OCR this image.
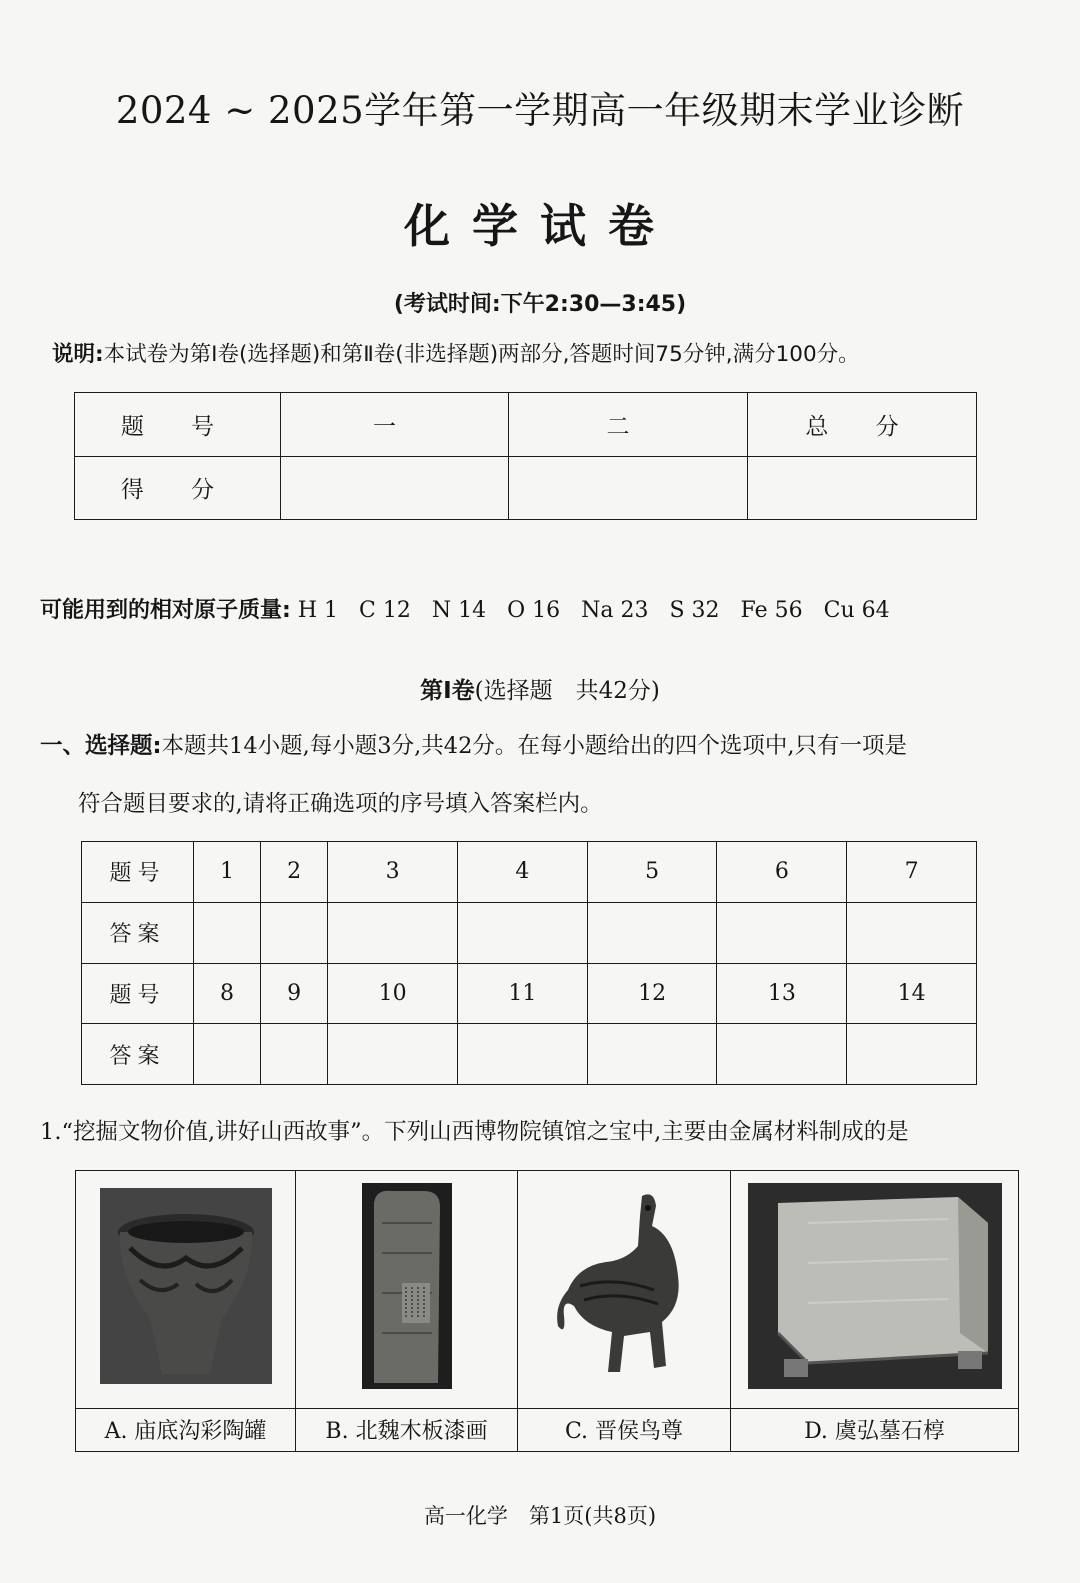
2024 ~ 2025学年第一学期高一年级期末学业诊断
化学试卷
(考试时间:下午2:30—3:45)
说明:本试卷为第Ⅰ卷(选择题)和第Ⅱ卷(非选择题)两部分,答题时间75分钟,满分100分。
题 号	一	二	总 分
得 分			
可能用到的相对原子质量: H 1 C 12 N 14 O 16 Na 23 S 32 Fe 56 Cu 64
第Ⅰ卷(选择题　共42分)
一、选择题:本题共14小题,每小题3分,共42分。在每小题给出的四个选项中,只有一项是
符合题目要求的,请将正确选项的序号填入答案栏内。
题号	1	2	3	4	5	6	7
答案							
题号	8	9	10	11	12	13	14
答案							
1.“挖掘文物价值,讲好山西故事”。下列山西博物院镇馆之宝中,主要由金属材料制成的是

A. 庙底沟彩陶罐	B. 北魏木板漆画	C. 晋侯鸟尊	D. 虞弘墓石椁
高一化学　第1页(共8页)
